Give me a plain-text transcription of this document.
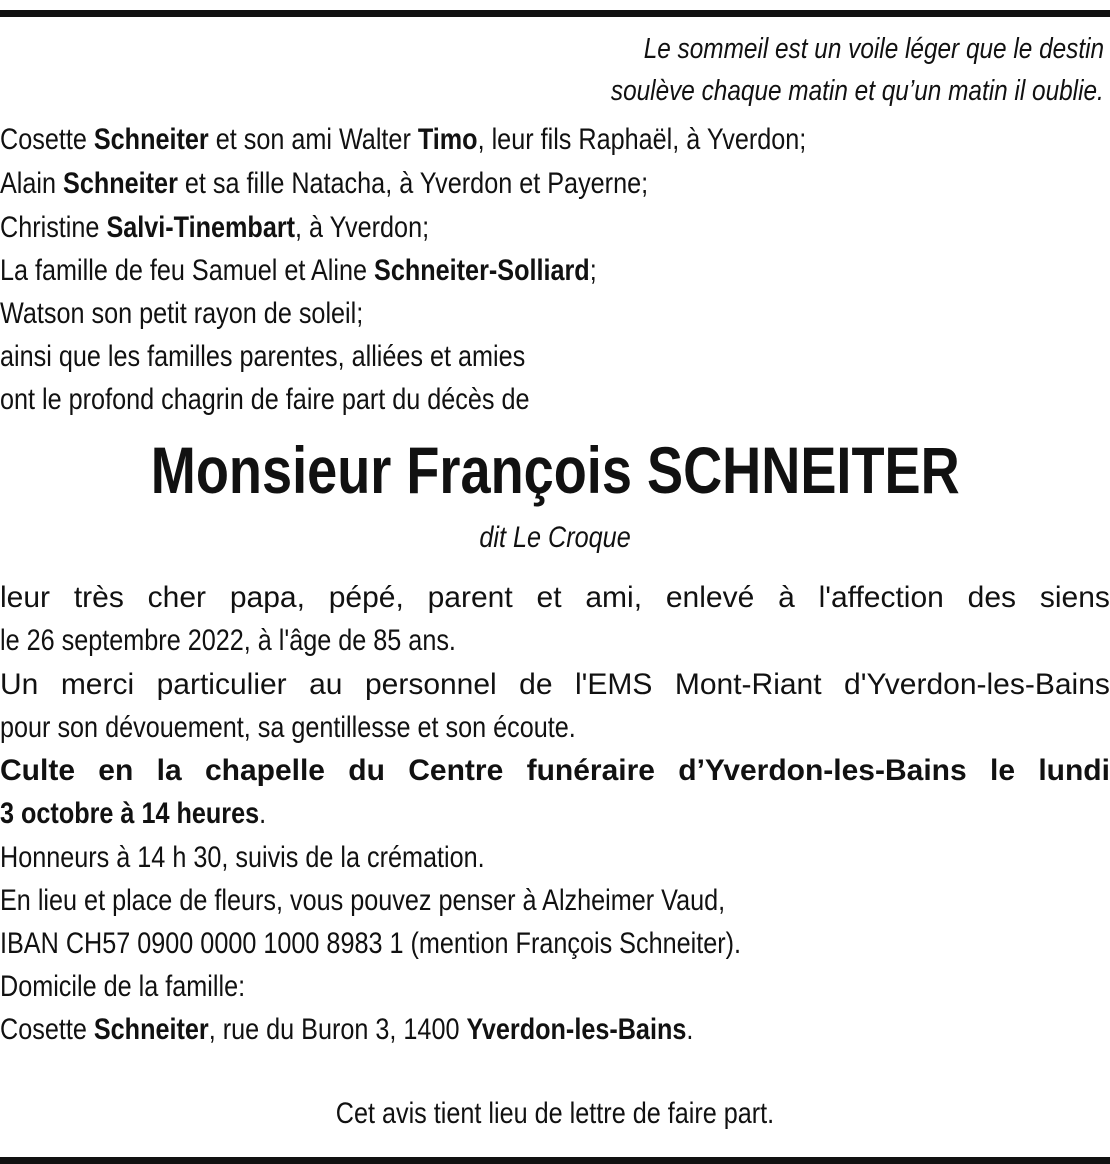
Le sommeil est un voile léger que le destin
soulève chaque matin et qu’un matin il oublie.
Cosette Schneiter et son ami Walter Timo, leur fils Raphaël, à Yverdon;
Alain Schneiter et sa fille Natacha, à Yverdon et Payerne;
Christine Salvi-Tinembart, à Yverdon;
La famille de feu Samuel et Aline Schneiter-Solliard;
Watson son petit rayon de soleil;
ainsi que les familles parentes, alliées et amies
ont le profond chagrin de faire part du décès de
Monsieur François SCHNEITER
dit Le Croque
leur très cher papa, pépé, parent et ami, enlevé à l'affection des siens
le 26 septembre 2022, à l'âge de 85 ans.
Un merci particulier au personnel de l'EMS Mont-Riant d'Yverdon-les-Bains
pour son dévouement, sa gentillesse et son écoute.
Culte en la chapelle du Centre funéraire d’Yverdon-les-Bains le lundi
3 octobre à 14 heures.
Honneurs à 14 h 30, suivis de la crémation.
En lieu et place de fleurs, vous pouvez penser à Alzheimer Vaud,
IBAN CH57 0900 0000 1000 8983 1 (mention François Schneiter).
Domicile de la famille:
Cosette Schneiter, rue du Buron 3, 1400 Yverdon-les-Bains.
Cet avis tient lieu de lettre de faire part.
